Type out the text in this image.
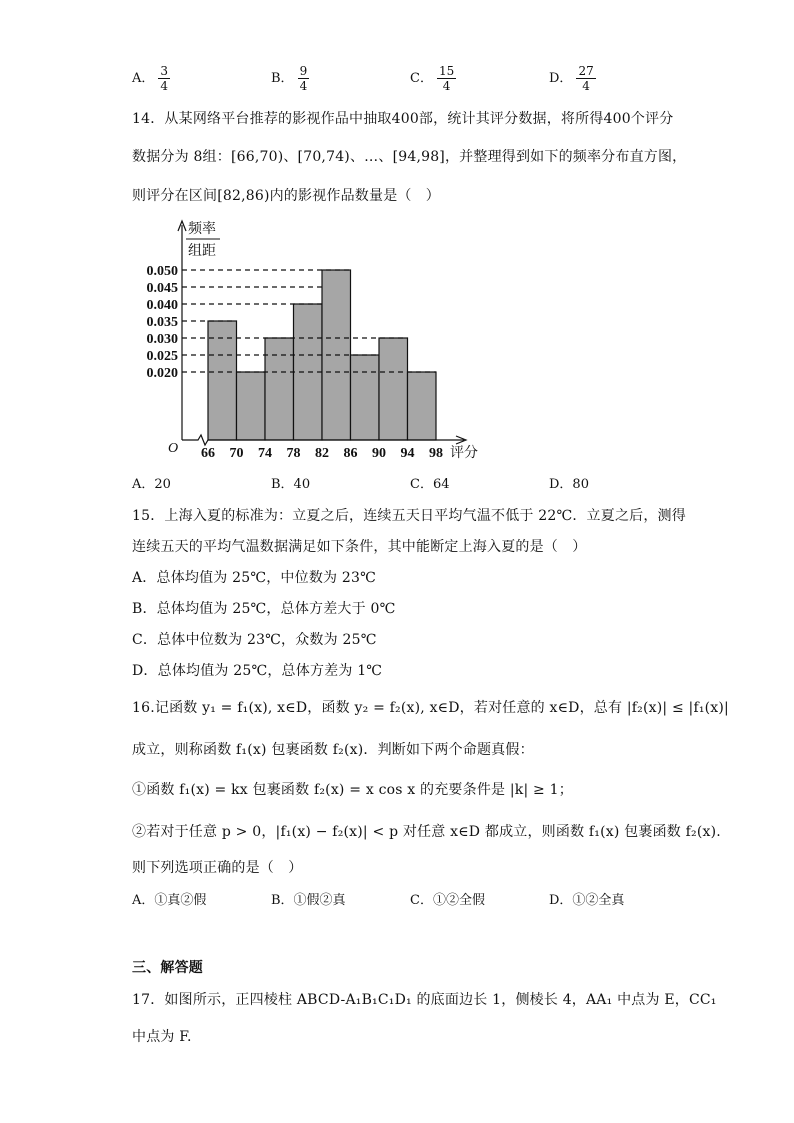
A． $\frac{3}{4}$	B． $\frac{9}{4}$	C． $\frac{15}{4}$	D． $\frac{27}{4}$
14．从某网络平台推荐的影视作品中抽取400部，统计其评分数据，将所得400个评分
数据分为 8组：[66,70)、[70,74)、…、[94,98]，并整理得到如下的频率分布直方图，
则评分在区间[82,86)内的影视作品数量是（　）
0.050
0.045
0.040
0.035
0.030
0.025
0.020
66 70 74 78 82 86 90 94 98
O	评分
频率
组距
A．20	B．40	C．64	D．80
15．上海入夏的标准为：立夏之后，连续五天日平均气温不低于 22℃．立夏之后，测得
连续五天的平均气温数据满足如下条件，其中能断定上海入夏的是（　）
A．总体均值为 25℃，中位数为 23℃
B．总体均值为 25℃，总体方差大于 0℃
C．总体中位数为 23℃，众数为 25℃
D．总体均值为 25℃，总体方差为 1℃
16.记函数 y₁ = f₁(x), x∈D，函数 y₂ = f₂(x), x∈D，若对任意的 x∈D，总有 |f₂(x)| ≤ |f₁(x)|
成立，则称函数 f₁(x) 包裹函数 f₂(x)．判断如下两个命题真假：
①函数 f₁(x) = kx 包裹函数 f₂(x) = x cos x 的充要条件是 |k| ≥ 1；
②若对于任意 p > 0，|f₁(x) − f₂(x)| < p 对任意 x∈D 都成立，则函数 f₁(x) 包裹函数 f₂(x).
则下列选项正确的是（　）
A．①真②假	B．①假②真	C．①②全假	D．①②全真
三、解答题
17．如图所示，正四棱柱 ABCD-A₁B₁C₁D₁ 的底面边长 1，侧棱长 4，AA₁ 中点为 E，CC₁
中点为 F.
